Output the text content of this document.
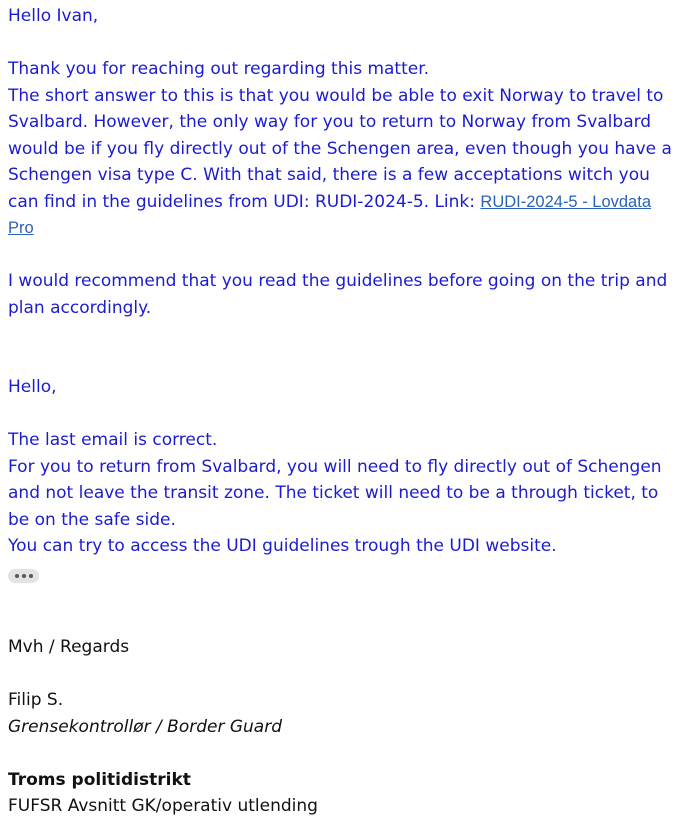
Hello Ivan,

Thank you for reaching out regarding this matter.

The short answer to this is that you would be able to exit Norway to travel to

Svalbard. However, the only way for you to return to Norway from Svalbard

would be if you fly directly out of the Schengen area, even though you have a

Schengen visa type C. With that said, there is a few acceptations witch you

can find in the guidelines from UDI: RUDI-2024-5. Link: RUDI-2024-5 - Lovdata
Pro

I would recommend that you read the guidelines before going on the trip and

plan accordingly.

Hello,

The last email is correct.

For you to return from Svalbard, you will need to fly directly out of Schengen

and not leave the transit zone. The ticket will need to be a through ticket, to

be on the safe side.

You can try to access the UDI guidelines trough the UDI website.

Mvh / Regards

Filip S.

Grensekontrollør / Border Guard

Troms politidistrikt

FUFSR Avsnitt GK/operativ utlending
